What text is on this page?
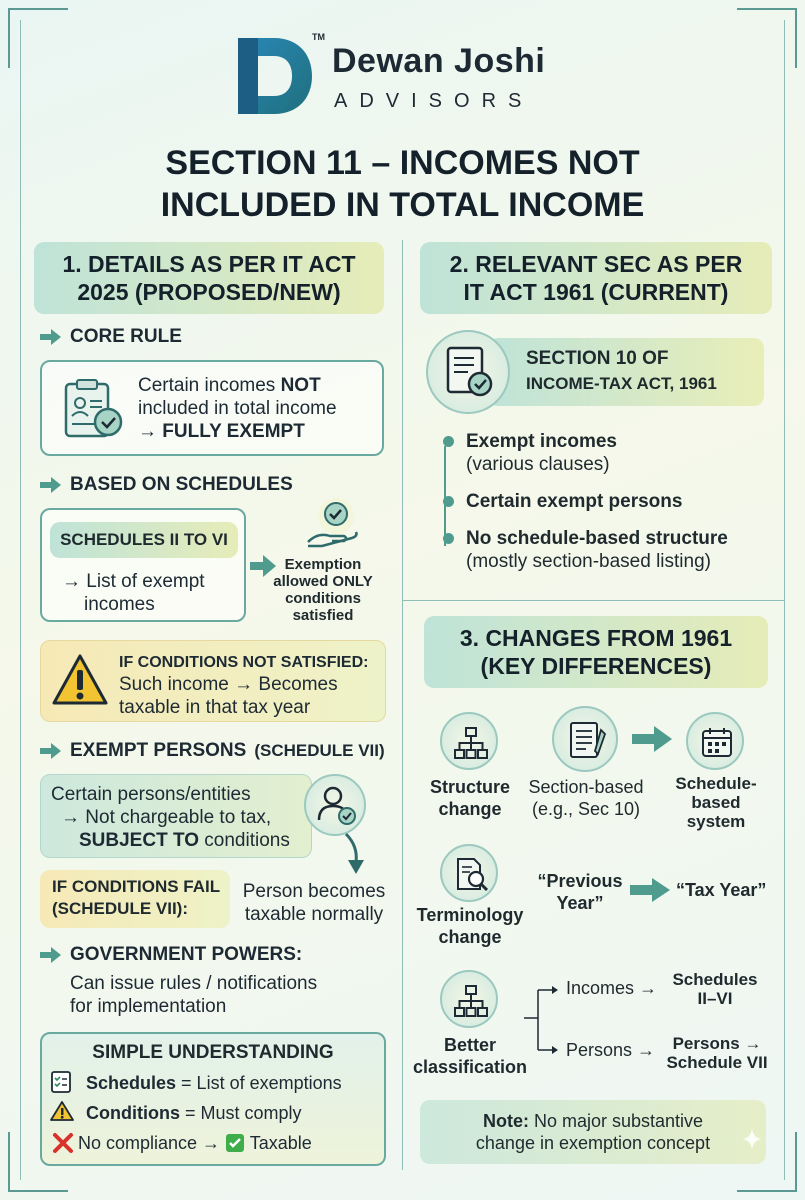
TM
Dewan Joshi
ADVISORS
SECTION 11 – INCOMES NOT
INCLUDED IN TOTAL INCOME
1. DETAILS AS PER IT ACT
2025 (PROPOSED/NEW)
CORE RULE
Certain incomes NOT
included in total income
→ FULLY EXEMPT
BASED ON SCHEDULES
SCHEDULES II TO VI
→ List of exempt
incomes
Exemption
allowed ONLY
conditions
satisfied
IF CONDITIONS NOT SATISFIED:
Such income → Becomes
taxable in that tax year
EXEMPT PERSONS (SCHEDULE VII)
Certain persons/entities
→ Not chargeable to tax,
SUBJECT TO conditions
IF CONDITIONS FAIL
(SCHEDULE VII):
Person becomes
taxable normally
GOVERNMENT POWERS:
Can issue rules / notifications
for implementation
SIMPLE UNDERSTANDING
Schedules = List of exemptions
Conditions = Must comply
No compliance → Taxable
2. RELEVANT SEC AS PER
IT ACT 1961 (CURRENT)
SECTION 10 OF
INCOME-TAX ACT, 1961
Exempt incomes
(various clauses)
Certain exempt persons
No schedule-based structure
(mostly section-based listing)
3. CHANGES FROM 1961
(KEY DIFFERENCES)
Structure
change
Section-based
(e.g., Sec 10)
Schedule-
based
system
Terminology
change
“Previous
Year”
“Tax Year”
Better
classification
Incomes → Schedules
II–VI
Persons →	Persons →
Schedule VII
Note: No major substantive
change in exemption concept
